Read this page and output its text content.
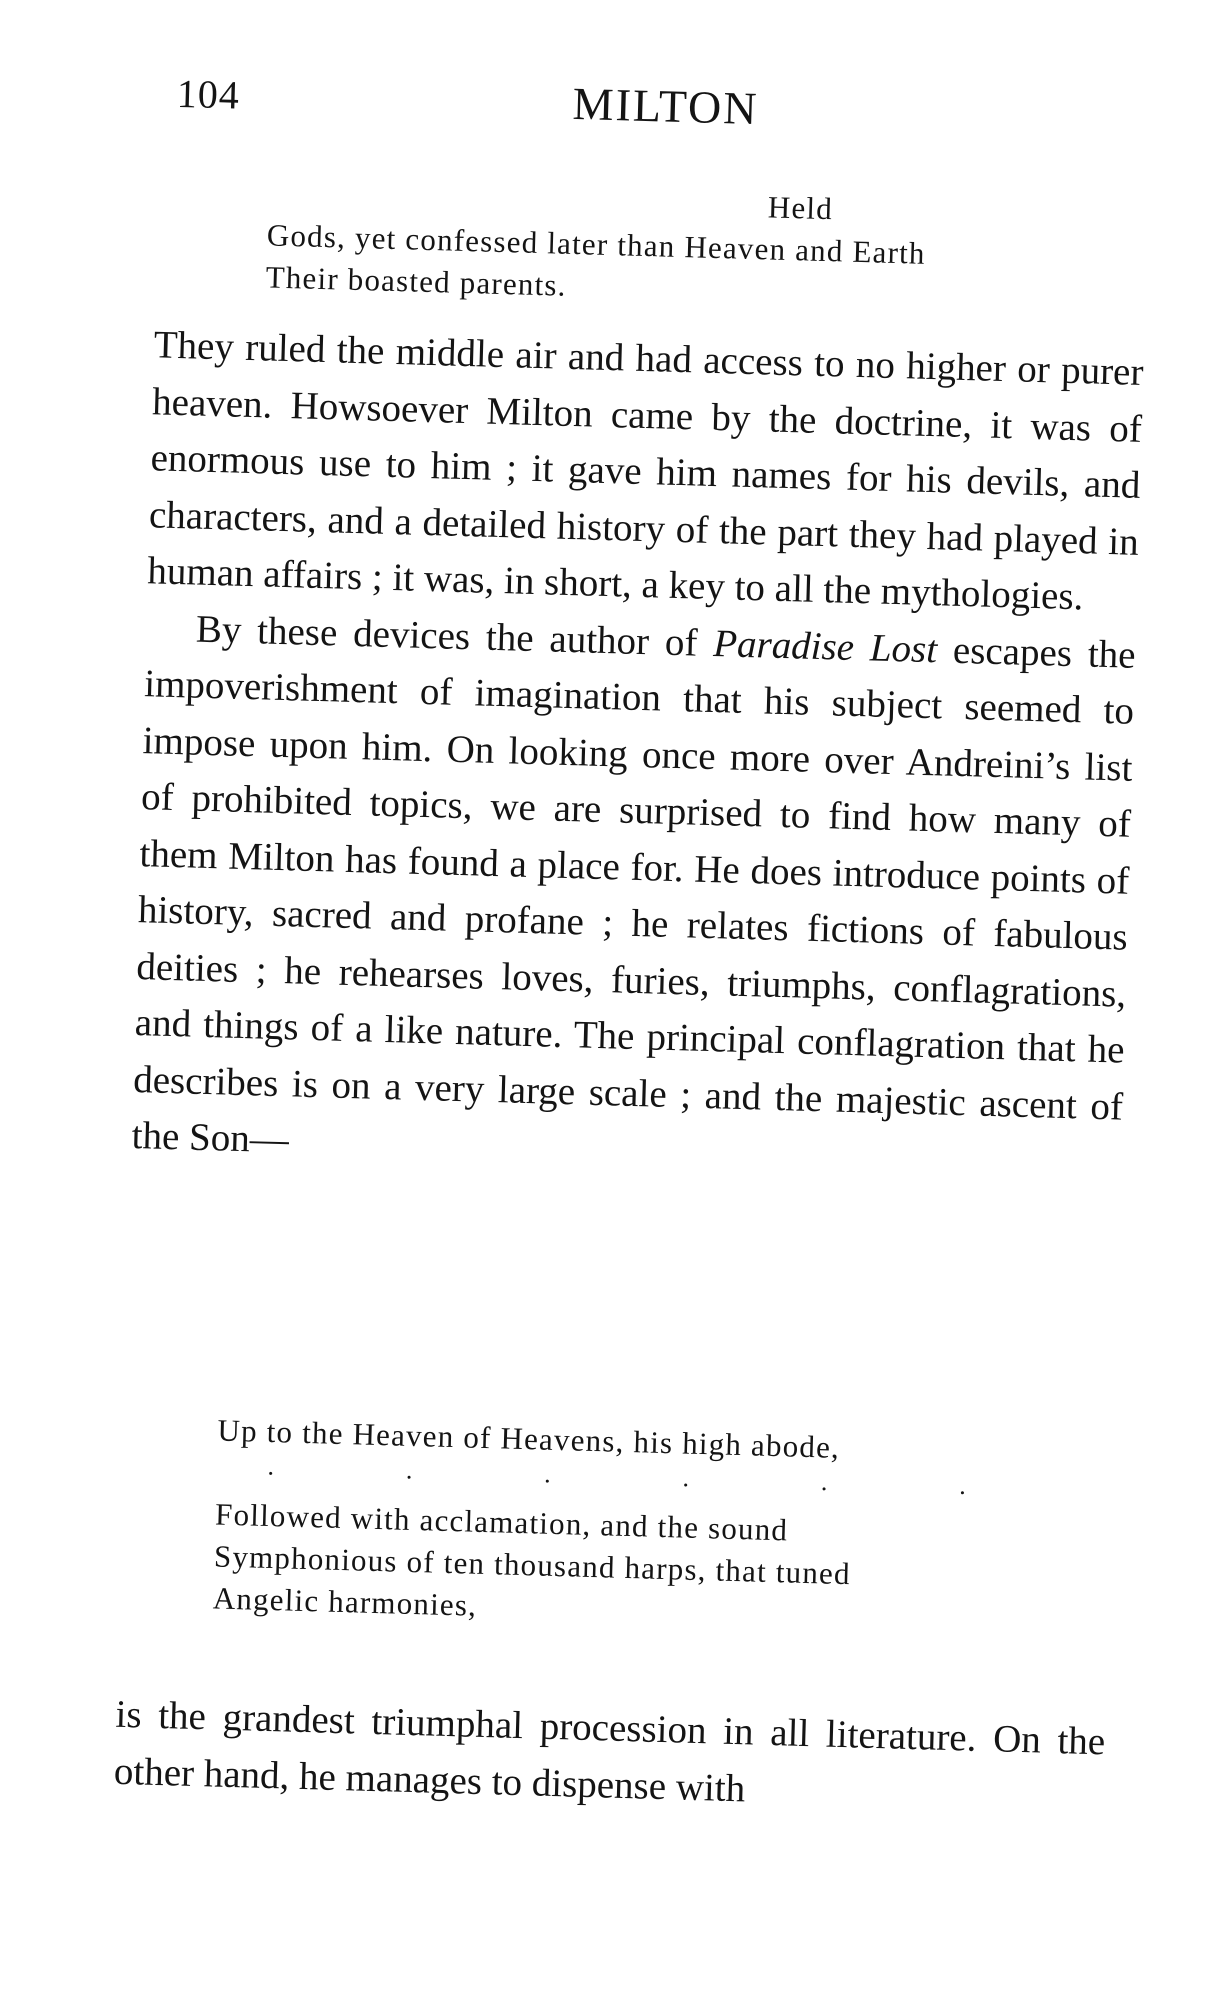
104	MILTON
Held
Gods, yet confessed later than Heaven and Earth
Their boasted parents.

They ruled the middle air and had access to no higher or purer heaven. Howsoever Milton came by the doctrine, it was of enormous use to him ; it gave him names for his devils, and characters, and a detailed history of the part they had played in human affairs ; it was, in short, a key to all the mythologies.

By these devices the author of Paradise Lost escapes the impoverishment of imagination that his subject seemed to impose upon him. On looking once more over Andreini’s list of prohibited topics, we are surprised to find how many of them Milton has found a place for. He does introduce points of history, sacred and profane ; he relates fictions of fabulous deities ; he rehearses loves, furies, triumphs, conflagrations, and things of a like nature. The principal conflagration that he describes is on a very large scale ; and the majestic ascent of the Son—

Up to the Heaven of Heavens, his high abode,
·	·	·	·	·	·
Followed with acclamation, and the sound
Symphonious of ten thousand harps, that tuned
Angelic harmonies,

is the grandest triumphal procession in all literature. On the other hand, he manages to dispense with
